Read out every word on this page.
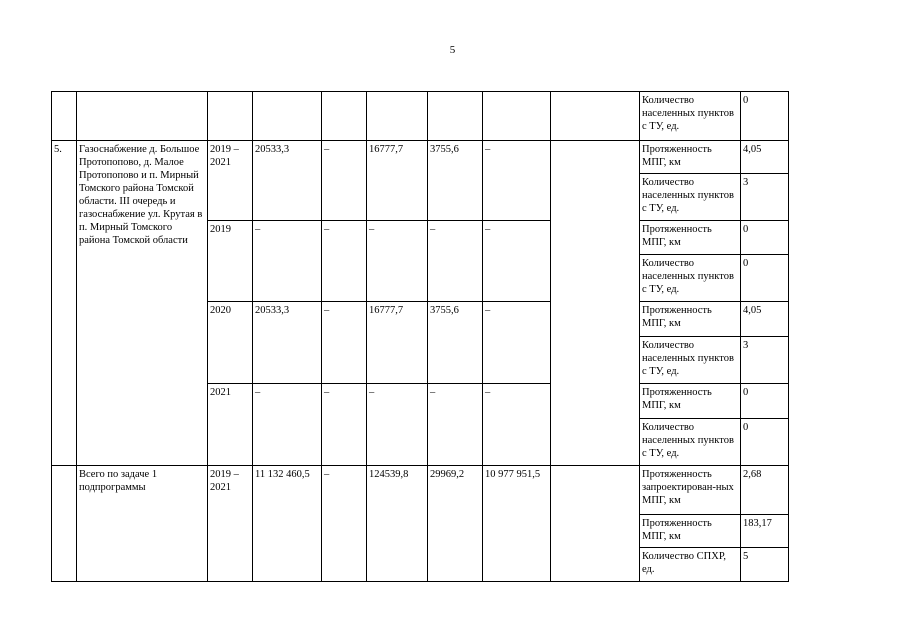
5
									Количество населенных пунктов с ТУ, ед.	0
5.	Газоснабжение д. Большое Протопопово, д. Малое Протопопово и п. Мирный Томского района Томской области. III очередь и газоснабжение ул. Крутая в п. Мирный Томского района Томской области	2019 – 2021	20533,3	–	16777,7	3755,6	–		Протяженность МПГ, км	4,05
									Количество населенных пунктов с ТУ, ед.	3
		2019	–	–	–	–	–		Протяженность МПГ, км	0
									Количество населенных пунктов с ТУ, ед.	0
		2020	20533,3	–	16777,7	3755,6	–		Протяженность МПГ, км	4,05
									Количество населенных пунктов с ТУ, ед.	3
		2021	–	–	–	–	–		Протяженность МПГ, км	0
									Количество населенных пунктов с ТУ, ед.	0
	Всего по задаче 1 подпрограммы	2019 – 2021	11 132 460,5	–	124539,8	29969,2	10 977 951,5		Протяженность запроектирован-ных МПГ, км	2,68
									Протяженность МПГ, км	183,17
									Количество СПХР, ед.	5
